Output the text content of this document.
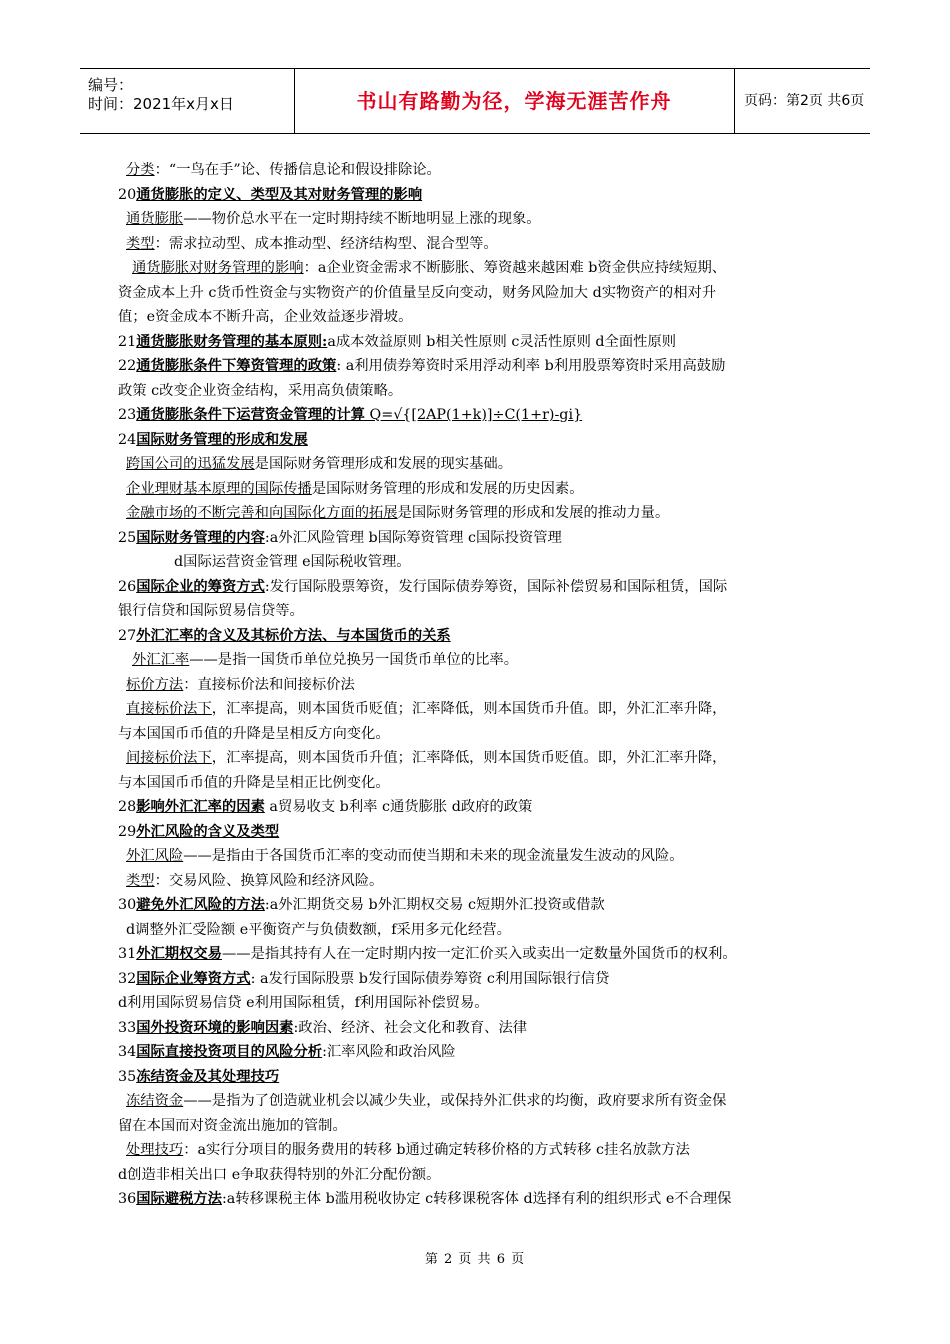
编号：
时间：2021年x月x日	书山有路勤为径，学海无涯苦作舟	页码：第2页 共6页
分类：“一鸟在手”论、传播信息论和假设排除论。
20通货膨胀的定义、类型及其对财务管理的影响
通货膨胀——物价总水平在一定时期持续不断地明显上涨的现象。
类型：需求拉动型、成本推动型、经济结构型、混合型等。
通货膨胀对财务管理的影响：a企业资金需求不断膨胀、筹资越来越困难 b资金供应持续短期、
资金成本上升 c货币性资金与实物资产的价值量呈反向变动，财务风险加大 d实物资产的相对升
值；e资金成本不断升高，企业效益逐步滑坡。
21通货膨胀财务管理的基本原则:a成本效益原则 b相关性原则 c灵活性原则 d全面性原则
22通货膨胀条件下筹资管理的政策: a利用债券筹资时采用浮动利率 b利用股票筹资时采用高鼓励
政策 c改变企业资金结构，采用高负债策略。
23通货膨胀条件下运营资金管理的计算 Q=√{[2AP(1+k)]÷C(1+r)-gi}
24国际财务管理的形成和发展
跨国公司的迅猛发展是国际财务管理形成和发展的现实基础。
企业理财基本原理的国际传播是国际财务管理的形成和发展的历史因素。
金融市场的不断完善和向国际化方面的拓展是国际财务管理的形成和发展的推动力量。
25国际财务管理的内容:a外汇风险管理 b国际筹资管理 c国际投资管理
d国际运营资金管理 e国际税收管理。
26国际企业的筹资方式:发行国际股票筹资，发行国际债券筹资，国际补偿贸易和国际租赁，国际
银行信贷和国际贸易信贷等。
27外汇汇率的含义及其标价方法、与本国货币的关系
外汇汇率——是指一国货币单位兑换另一国货币单位的比率。
标价方法：直接标价法和间接标价法
直接标价法下，汇率提高，则本国货币贬值；汇率降低，则本国货币升值。即，外汇汇率升降，
与本国国币币值的升降是呈相反方向变化。
间接标价法下，汇率提高，则本国货币升值；汇率降低，则本国货币贬值。即，外汇汇率升降，
与本国国币币值的升降是呈相正比例变化。
28影响外汇汇率的因素 a贸易收支 b利率 c通货膨胀 d政府的政策
29外汇风险的含义及类型
外汇风险——是指由于各国货币汇率的变动而使当期和未来的现金流量发生波动的风险。
类型：交易风险、换算风险和经济风险。
30避免外汇风险的方法:a外汇期货交易 b外汇期权交易 c短期外汇投资或借款
d调整外汇受险额 e平衡资产与负债数额，f采用多元化经营。
31外汇期权交易——是指其持有人在一定时期内按一定汇价买入或卖出一定数量外国货币的权利。
32国际企业筹资方式: a发行国际股票 b发行国际债券筹资 c利用国际银行信贷
d利用国际贸易信贷 e利用国际租赁，f利用国际补偿贸易。
33国外投资环境的影响因素:政治、经济、社会文化和教育、法律
34国际直接投资项目的风险分析:汇率风险和政治风险
35冻结资金及其处理技巧
冻结资金——是指为了创造就业机会以减少失业，或保持外汇供求的均衡，政府要求所有资金保
留在本国而对资金流出施加的管制。
处理技巧：a实行分项目的服务费用的转移 b通过确定转移价格的方式转移 c挂名放款方法
d创造非相关出口 e争取获得特别的外汇分配份额。
36国际避税方法:a转移课税主体 b滥用税收协定 c转移课税客体 d选择有利的组织形式 e不合理保
第 2 页 共 6 页
